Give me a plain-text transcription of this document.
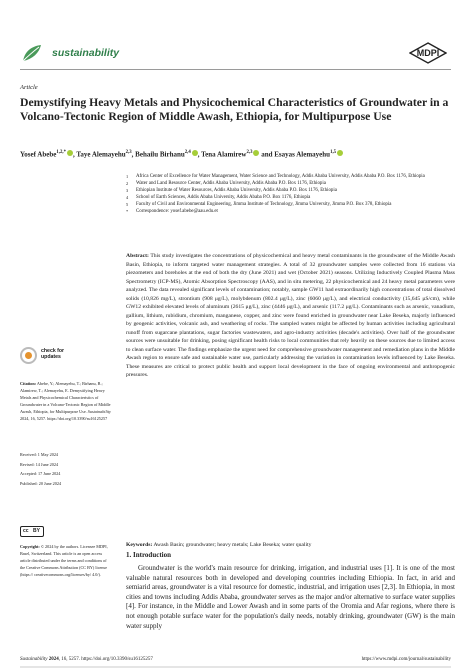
sustainability	MDPI
Article
Demystifying Heavy Metals and Physicochemical Characteristics of Groundwater in a Volcano-Tectonic Region of Middle Awash, Ethiopia, for Multipurpose Use
Yosef Abebe$^{1,2,*}$ , Taye Alemayehu$^{2,3}$, Behailu Birhanu$^{2,4}$ , Tena Alamirew$^{2,3}$ and Esayas Alemayehu$^{1,5}$
1 Africa Center of Excellence for Water Management, Water Science and Technology, Addis Ababa University, Addis Ababa P.O. Box 1176, Ethiopia
2 Water and Land Resource Center, Addis Ababa University, Addis Ababa P.O. Box 1176, Ethiopia
3 Ethiopian Institute of Water Resources, Addis Ababa University, Addis Ababa P.O. Box 1176, Ethiopia
4 School of Earth Sciences, Addis Ababa University, Addis Ababa P.O. Box 1176, Ethiopia
5 Faculty of Civil and Environmental Engineering, Jimma Institute of Technology, Jimma University, Jimma P.O. Box 378, Ethiopia
* Correspondence: yosef.abebe@aau.edu.et

Abstract: This study investigates the concentrations of physicochemical and heavy metal contaminants in the groundwater of the Middle Awash Basin, Ethiopia, to inform targeted water management strategies. A total of 32 groundwater samples were collected from 16 stations via piezometers and boreholes at the end of both the dry (June 2021) and wet (October 2021) seasons. Utilizing Inductively Coupled Plasma Mass Spectrometry (ICP-MS), Atomic Absorption Spectroscopy (AAS), and in situ metering, 22 physicochemical and 24 heavy metal parameters were analyzed. The data revealed significant levels of contamination; notably, sample GW11 had extraordinarily high concentrations of total dissolved solids (10,826 mg/L), strontium (908 μg/L), molybdenum (802.4 μg/L), zinc (6060 μg/L), and electrical conductivity (15,645 μS/cm), while GW12 exhibited elevated levels of aluminum (2615 μg/L), zinc (4446 μg/L), and arsenic (117.2 μg/L). Contaminants such as arsenic, vanadium, gallium, lithium, rubidium, chromium, manganese, copper, and zinc were found enriched in groundwater near Lake Beseka, majorly influenced by geogenic activities, volcanic ash, and weathering of rocks. The sampled waters might be affected by human activities including agricultural runoff from sugarcane plantations, sugar factories wastewaters, and agro-industry activities (decade's activities). Over half of the groundwater sources were unsuitable for drinking, posing significant health risks to local communities that rely heavily on these sources due to limited access to clean surface water. The findings emphasize the urgent need for comprehensive groundwater management and remediation plans in the Middle Awash region to ensure safe and sustainable water use, particularly addressing the variation in contamination levels influenced by Lake Beseka. These measures are critical to protect public health and support local development in the face of ongoing environmental and anthropogenic pressures.

Keywords: Awash Basin; groundwater; heavy metals; Lake Beseka; water quality

check for
updates

Citation: Abebe, Y.; Alemayehu, T.; Birhanu, B.; Alamirew, T.; Alemayehu, E. Demystifying Heavy Metals and Physicochemical Characteristics of Groundwater in a Volcano-Tectonic Region of Middle Awash, Ethiopia, for Multipurpose Use. Sustainability 2024, 16, 5257. https://doi.org/10.3390/su16125257

Received: 1 May 2024
Revised: 14 June 2024
Accepted: 17 June 2024
Published: 20 June 2024
cc BY

Copyright: © 2024 by the authors. Licensee MDPI, Basel, Switzerland. This article is an open access article distributed under the terms and conditions of the Creative Commons Attribution (CC BY) license (https:// creativecommons.org/licenses/by/ 4.0/).

1. Introduction

Groundwater is the world's main resource for drinking, irrigation, and industrial uses [1]. It is one of the most valuable natural resources both in developed and developing countries including Ethiopia. In fact, in arid and semiarid areas, groundwater is a vital resource for domestic, industrial, and irrigation uses [2,3]. In Ethiopia, in most cities and towns including Addis Ababa, groundwater serves as the major and/or alternative to surface water supplies [4]. For instance, in the Middle and Lower Awash and in some parts of the Oromia and Afar regions, where there is not enough potable surface water for the population's daily needs, notably drinking, groundwater (GW) is the main water supply

Sustainability 2024, 16, 5257. https://doi.org/10.3390/su16125257	https://www.mdpi.com/journal/sustainability
